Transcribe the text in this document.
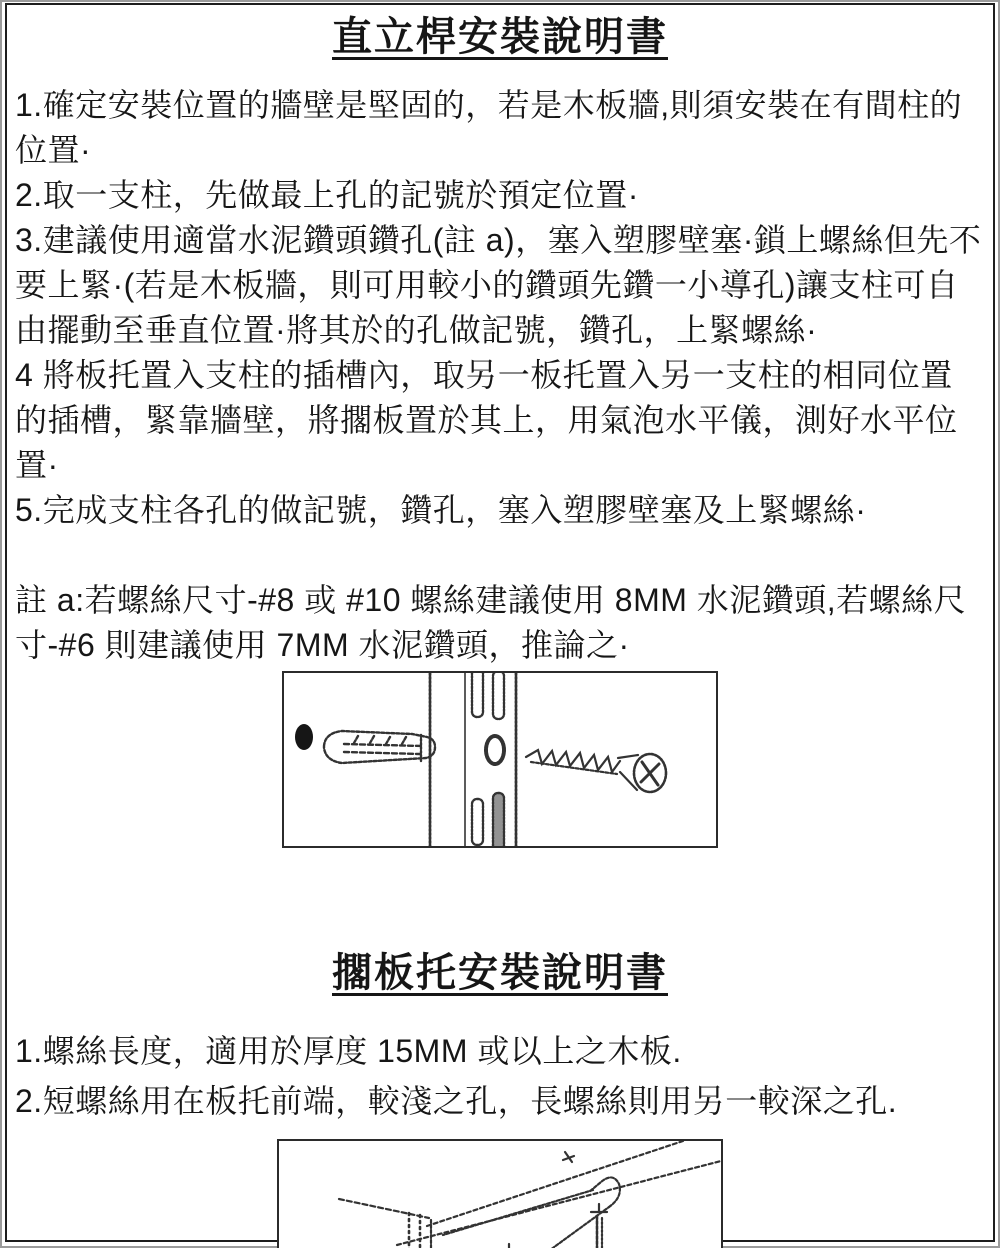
直立桿安裝說明書

1.確定安裝位置的牆壁是堅固的，若是木板牆,則須安裝在有間柱的位置·

2.取一支柱，先做最上孔的記號於預定位置·

3.建議使用適當水泥鑽頭鑽孔(註 a)，塞入塑膠壁塞·鎖上螺絲但先不要上緊·(若是木板牆，則可用較小的鑽頭先鑽一小導孔)讓支柱可自由擺動至垂直位置·將其於的孔做記號，鑽孔，上緊螺絲·

4 將板托置入支柱的插槽內，取另一板托置入另一支柱的相同位置的插槽，緊靠牆壁，將擱板置於其上，用氣泡水平儀，測好水平位置·

5.完成支柱各孔的做記號，鑽孔，塞入塑膠壁塞及上緊螺絲·

註 a:若螺絲尺寸-#8 或 #10 螺絲建議使用 8MM 水泥鑽頭,若螺絲尺寸-#6 則建議使用 7MM 水泥鑽頭，推論之·

擱板托安裝說明書

1.螺絲長度，適用於厚度 15MM 或以上之木板.

2.短螺絲用在板托前端，較淺之孔，長螺絲則用另一較深之孔.
